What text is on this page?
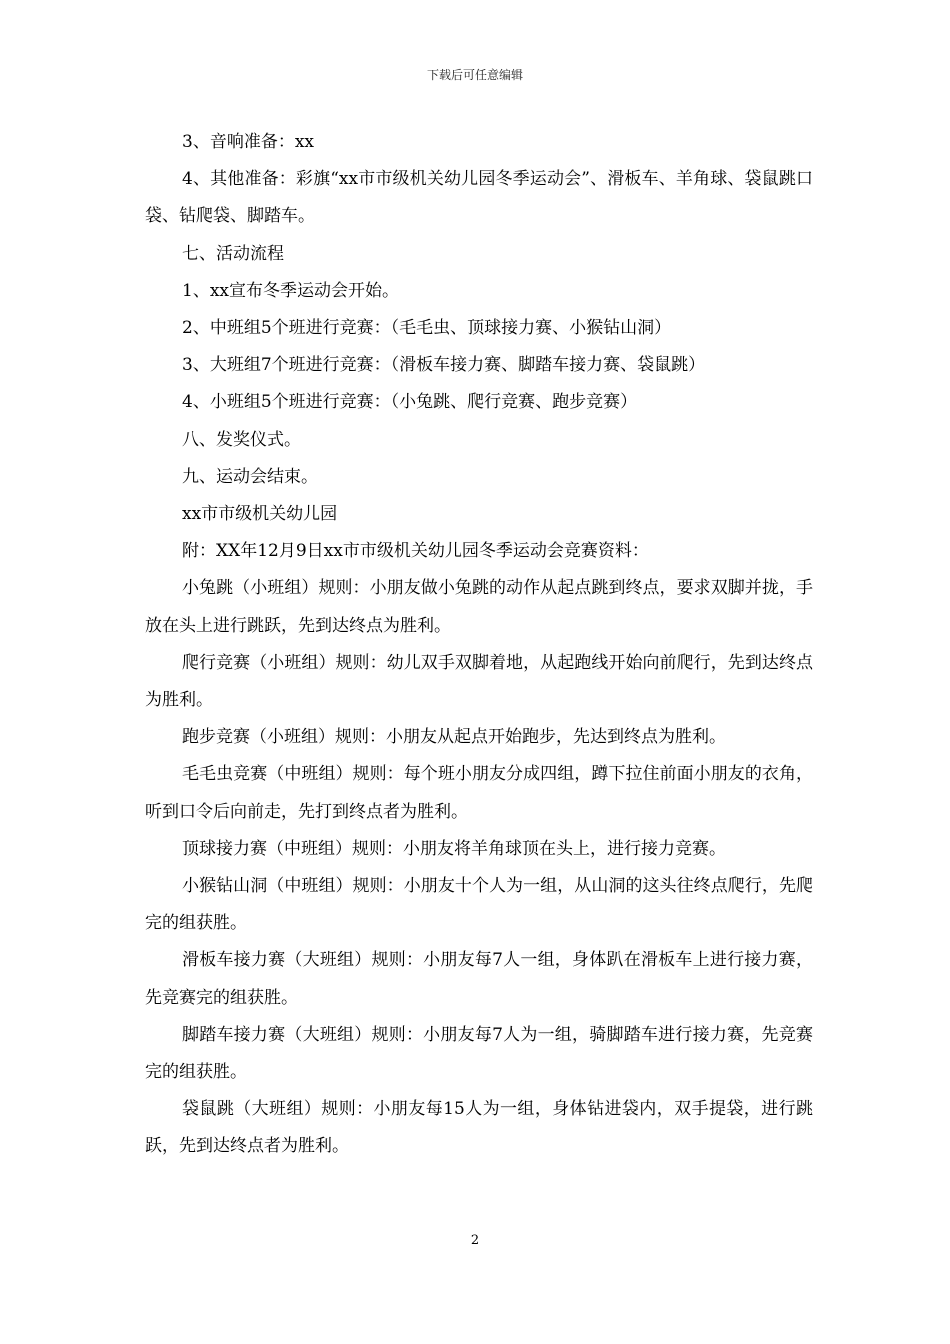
下载后可任意编辑

3、音响准备：xx

4、其他准备：彩旗“xx市市级机关幼儿园冬季运动会”、滑板车、羊角球、袋鼠跳口袋、钻爬袋、脚踏车。

七、活动流程

1、xx宣布冬季运动会开始。

2、中班组5个班进行竞赛：（毛毛虫、顶球接力赛、小猴钻山洞）

3、大班组7个班进行竞赛：（滑板车接力赛、脚踏车接力赛、袋鼠跳）

4、小班组5个班进行竞赛：（小兔跳、爬行竞赛、跑步竞赛）

八、发奖仪式。

九、运动会结束。

xx市市级机关幼儿园

附：XX年12月9日xx市市级机关幼儿园冬季运动会竞赛资料：

小兔跳（小班组）规则：小朋友做小兔跳的动作从起点跳到终点，要求双脚并拢，手放在头上进行跳跃，先到达终点为胜利。

爬行竞赛（小班组）规则：幼儿双手双脚着地，从起跑线开始向前爬行，先到达终点为胜利。

跑步竞赛（小班组）规则：小朋友从起点开始跑步，先达到终点为胜利。

毛毛虫竞赛（中班组）规则：每个班小朋友分成四组，蹲下拉住前面小朋友的衣角，听到口令后向前走，先打到终点者为胜利。

顶球接力赛（中班组）规则：小朋友将羊角球顶在头上，进行接力竞赛。

小猴钻山洞（中班组）规则：小朋友十个人为一组，从山洞的这头往终点爬行，先爬完的组获胜。

滑板车接力赛（大班组）规则：小朋友每7人一组，身体趴在滑板车上进行接力赛，先竞赛完的组获胜。

脚踏车接力赛（大班组）规则：小朋友每7人为一组，骑脚踏车进行接力赛，先竞赛完的组获胜。

袋鼠跳（大班组）规则：小朋友每15人为一组，身体钻进袋内，双手提袋，进行跳跃，先到达终点者为胜利。

2
